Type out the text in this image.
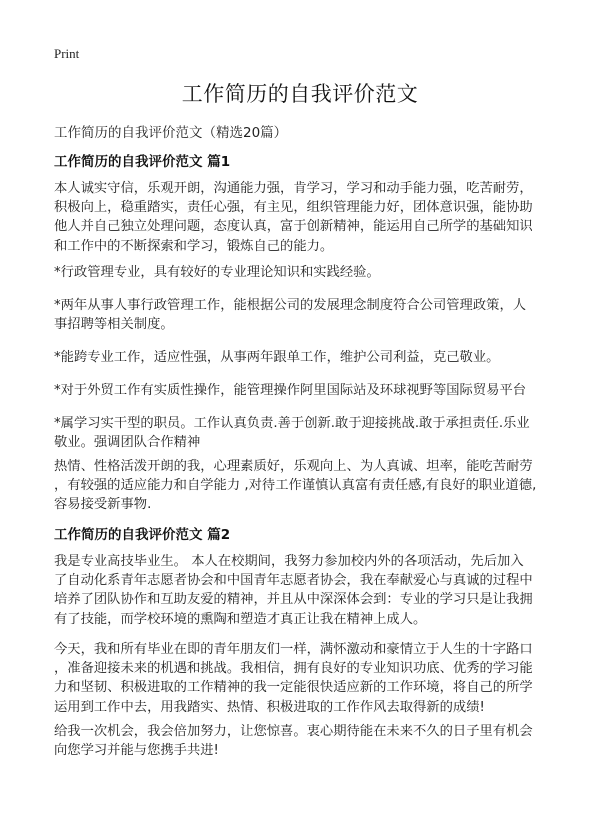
Print
工作简历的自我评价范文
工作简历的自我评价范文（精选20篇）
工作简历的自我评价范文 篇1
本人诚实守信，乐观开朗，沟通能力强，肯学习，学习和动手能力强，吃苦耐劳，
积极向上，稳重踏实，责任心强，有主见，组织管理能力好，团体意识强，能协助
他人并自己独立处理问题，态度认真，富于创新精神，能运用自己所学的基础知识
和工作中的不断探索和学习，锻炼自己的能力。
*行政管理专业，具有较好的专业理论知识和实践经验。
*两年从事人事行政管理工作，能根据公司的发展理念制度符合公司管理政策，人
事招聘等相关制度。
*能跨专业工作，适应性强，从事两年跟单工作，维护公司利益，克己敬业。
*对于外贸工作有实质性操作，能管理操作阿里国际站及环球视野等国际贸易平台
*属学习实干型的职员。工作认真负责.善于创新.敢于迎接挑战.敢于承担责任.乐业
敬业。强调团队合作精神
热情、性格活泼开朗的我，心理素质好，乐观向上、为人真诚、坦率，能吃苦耐劳
，有较强的适应能力和自学能力 ,对待工作谨慎认真富有责任感,有良好的职业道德,
容易接受新事物.
工作简历的自我评价范文 篇2
我是专业高技毕业生。 本人在校期间，我努力参加校内外的各项活动，先后加入
了自动化系青年志愿者协会和中国青年志愿者协会，我在奉献爱心与真诚的过程中
培养了团队协作和互助友爱的精神，并且从中深深体会到：专业的学习只是让我拥
有了技能，而学校环境的熏陶和塑造才真正让我在精神上成人。
今天，我和所有毕业在即的青年朋友们一样，满怀激动和豪情立于人生的十字路口
，准备迎接未来的机遇和挑战。我相信，拥有良好的专业知识功底、优秀的学习能
力和坚韧、积极进取的工作精神的我一定能很快适应新的工作环境，将自己的所学
运用到工作中去，用我踏实、热情、积极进取的工作作风去取得新的成绩!
给我一次机会，我会倍加努力，让您惊喜。衷心期待能在未来不久的日子里有机会
向您学习并能与您携手共进!
